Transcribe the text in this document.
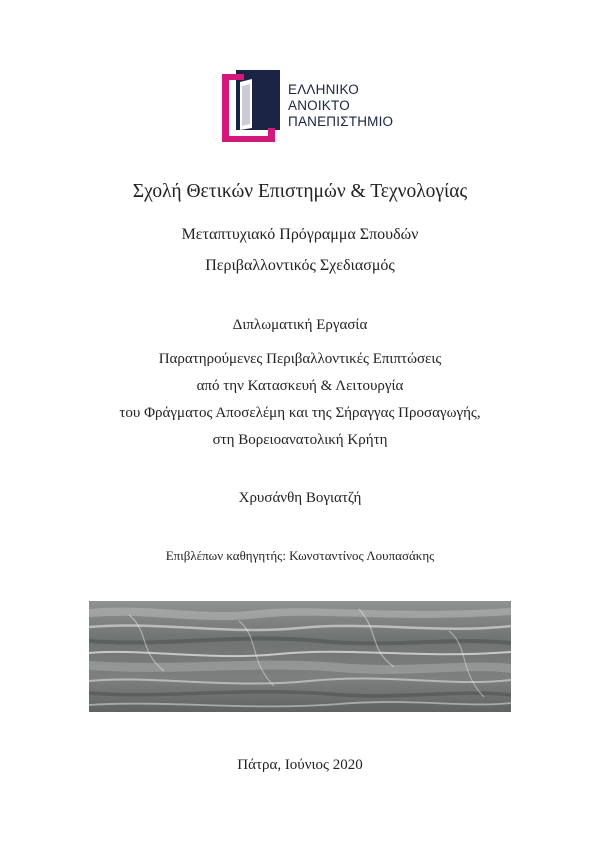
ΕΛΛΗΝΙΚΟ
ΑΝΟΙΚΤΟ
ΠΑΝΕΠΙΣΤΗΜΙΟ
Σχολή Θετικών Επιστημών & Τεχνολογίας
Μεταπτυχιακό Πρόγραμμα Σπουδών
Περιβαλλοντικός Σχεδιασμός
Διπλωματική Εργασία
Παρατηρούμενες Περιβαλλοντικές Επιπτώσεις
από την Κατασκευή & Λειτουργία
του Φράγματος Αποσελέμη και της Σήραγγας Προσαγωγής,
στη Βορειοανατολική Κρήτη
Χρυσάνθη Βογιατζή
Επιβλέπων καθηγητής: Κωνσταντίνος Λουπασάκης
Πάτρα, Ιούνιος 2020
